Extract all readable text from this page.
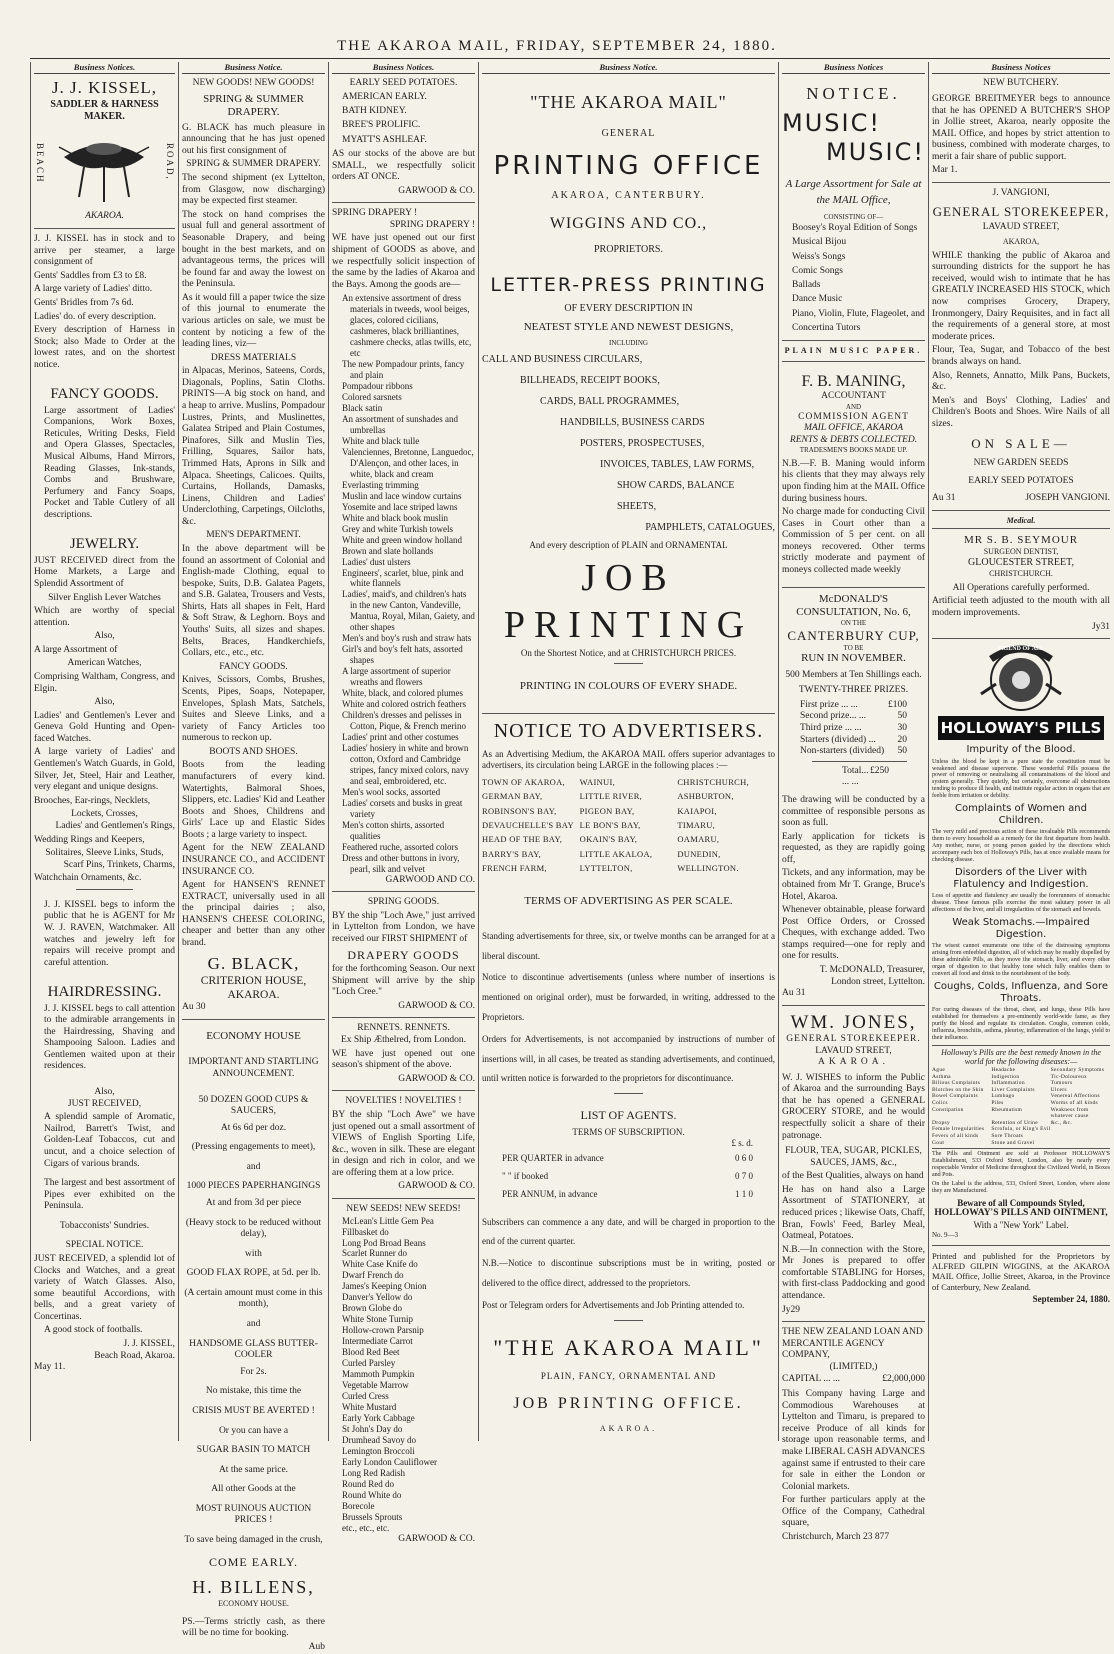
THE AKAROA MAIL, FRIDAY, SEPTEMBER 24, 1880.
Business Notices.
J. J. KISSEL,
SADDLER & HARNESS MAKER.
BEACH	ROAD,
AKAROA.
J. J. KISSEL has in stock and to arrive per steamer, a large consignment of
Gents' Saddles from £3 to £8.
A large variety of Ladies' ditto.
Gents' Bridles from 7s 6d.
Ladies' do. of every description.
Every description of Harness in Stock; also Made to Order at the lowest rates, and on the shortest notice.
FANCY GOODS.
Large assortment of Ladies' Companions, Work Boxes, Reticules, Writing Desks, Field and Opera Glasses, Spectacles, Musical Albums, Hand Mirrors, Reading Glasses, Ink-stands, Combs and Brushware, Perfumery and Fancy Soaps, Pocket and Table Cutlery of all descriptions.
JEWELRY.
JUST RECEIVED direct from the Home Markets, a Large and Splendid Assortment of
Silver English Lever Watches
Which are worthy of special attention.
Also,
A large Assortment of
American Watches,
Comprising Waltham, Congress, and Elgin.
Also,
Ladies' and Gentlemen's Lever and Geneva Gold Hunting and Open-faced Watches.
A large variety of Ladies' and Gentlemen's Watch Guards, in Gold, Silver, Jet, Steel, Hair and Leather, very elegant and unique designs.
Brooches, Ear-rings, Necklets,
Lockets, Crosses,
Ladies' and Gentlemen's Rings,
Wedding Rings and Keepers,
Solitaires, Sleeve Links, Studs,
Scarf Pins, Trinkets, Charms,
Watchchain Ornaments, &c.
J. J. KISSEL begs to inform the public that he is AGENT for Mr W. J. RAVEN, Watchmaker. All watches and jewelry left for repairs will receive prompt and careful attention.
HAIRDRESSING.
J. J. KISSEL begs to call attention to the admirable arrangements in the Hairdressing, Shaving and Shampooing Saloon. Ladies and Gentlemen waited upon at their residences.
Also,
JUST RECEIVED,
A splendid sample of Aromatic, Nailrod, Barrett's Twist, and Golden-Leaf Tobaccos, cut and uncut, and a choice selection of Cigars of various brands.
The largest and best assortment of Pipes ever exhibited on the Peninsula.
Tobacconists' Sundries.
SPECIAL NOTICE.
JUST RECEIVED, a splendid lot of Clocks and Watches, and a great variety of Watch Glasses. Also, some beautiful Accordions, with bells, and a great variety of Concertinas.
A good stock of footballs.
J. J. KISSEL,
Beach Road, Akaroa.
May 11.
Business Notice.
NEW GOODS! NEW GOODS!
SPRING & SUMMER DRAPERY.
G. BLACK has much pleasure in announcing that he has just opened out his first consignment of
SPRING & SUMMER DRAPERY.
The second shipment (ex Lyttelton, from Glasgow, now discharging) may be expected first steamer.
The stock on hand comprises the usual full and general assortment of Seasonable Drapery, and being bought in the best markets, and on advantageous terms, the prices will be found far and away the lowest on the Peninsula.
As it would fill a paper twice the size of this journal to enumerate the various articles on sale, we must be content by noticing a few of the leading lines, viz—
DRESS MATERIALS
in Alpacas, Merinos, Sateens, Cords, Diagonals, Poplins, Satin Cloths. PRINTS—A big stock on hand, and a heap to arrive. Muslins, Pompadour Lustres, Prints, and Muslinettes, Galatea Striped and Plain Costumes, Pinafores, Silk and Muslin Ties, Frilling, Squares, Sailor hats, Trimmed Hats, Aprons in Silk and Alpaca. Sheetings, Calicoes. Quilts, Curtains, Hollands, Damasks, Linens, Children and Ladies' Underclothing, Carpetings, Oilcloths, &c.
MEN'S DEPARTMENT.
In the above department will be found an assortment of Colonial and English-made Clothing, equal to bespoke, Suits, D.B. Galatea Pagets, and S.B. Galatea, Trousers and Vests, Shirts, Hats all shapes in Felt, Hard & Soft Straw, & Leghorn. Boys and Youths' Suits, all sizes and shapes. Belts, Braces, Handkerchiefs, Collars, etc., etc., etc.
FANCY GOODS.
Knives, Scissors, Combs, Brushes, Scents, Pipes, Soaps, Notepaper, Envelopes, Splash Mats, Satchels, Suites and Sleeve Links, and a variety of Fancy Articles too numerous to reckon up.
BOOTS AND SHOES.
Boots from the leading manufacturers of every kind. Watertights, Balmoral Shoes, Slippers, etc. Ladies' Kid and Leather Boots and Shoes, Childrens and Girls' Lace up and Elastic Sides Boots ; a large variety to inspect.
Agent for the NEW ZEALAND INSURANCE CO., and ACCIDENT INSURANCE CO.
Agent for HANSEN'S RENNET EXTRACT, universally used in all the principal dairies ; also, HANSEN'S CHEESE COLORING, cheaper and better than any other brand.
G. BLACK,
CRITERION HOUSE, AKAROA.
Au 30
ECONOMY HOUSE
IMPORTANT AND STARTLING
ANNOUNCEMENT.
50 DOZEN GOOD CUPS & SAUCERS,
At 6s 6d per doz.
(Pressing engagements to meet),
and
1000 PIECES PAPERHANGINGS
At and from 3d per piece
(Heavy stock to be reduced without delay),
with
GOOD FLAX ROPE, at 5d. per lb.
(A certain amount must come in this month),
and
HANDSOME GLASS BUTTER-COOLER
For 2s.
No mistake, this time the
CRISIS MUST BE AVERTED !
Or you can have a
SUGAR BASIN TO MATCH
At the same price.
All other Goods at the
MOST RUINOUS AUCTION PRICES !
To save being damaged in the crush,
COME EARLY.
H. BILLENS,
ECONOMY HOUSE.
PS.—Terms strictly cash, as there will be no time for booking.
Aub
Business Notices.
EARLY SEED POTATOES.
AMERICAN EARLY.
BATH KIDNEY.
BREE'S PROLIFIC.
MYATT'S ASHLEAF.
AS our stocks of the above are but SMALL, we respectfully solicit orders AT ONCE.
GARWOOD & CO.
SPRING DRAPERY !
SPRING DRAPERY !
WE have just opened out our first shipment of GOODS as above, and we respectfully solicit inspection of the same by the ladies of Akaroa and the Bays. Among the goods are—
An extensive assortment of dress materials in tweeds, wool beiges, glaces, colored cicilians, cashmeres, black brilliantines, cashmere checks, atlas twills, etc, etc
The new Pompadour prints, fancy and plain
Pompadour ribbons
Colored sarsnets
Black satin
An assortment of sunshades and umbrellas
White and black tulle
Valenciennes, Bretonne, Languedoc, D'Alençon, and other laces, in white, black and cream
Everlasting trimming
Muslin and lace window curtains
Yosemite and lace striped lawns
White and black book muslin
Grey and white Turkish towels
White and green window holland
Brown and slate hollands
Ladies' dust ulsters
Engineers', scarlet, blue, pink and white flannels
Ladies', maid's, and children's hats in the new Canton, Vandeville, Mantua, Royal, Milan, Gaiety, and other shapes
Men's and boy's rush and straw hats
Girl's and boy's felt hats, assorted shapes
A large assortment of superior wreaths and flowers
White, black, and colored plumes
White and colored ostrich feathers
Children's dresses and pelisses in Cotton, Pique, & French merino
Ladies' print and other costumes
Ladies' hosiery in white and brown cotton, Oxford and Cambridge stripes, fancy mixed colors, navy and seal, embroidered, etc.
Men's wool socks, assorted
Ladies' corsets and busks in great variety
Men's cotton shirts, assorted qualities
Feathered ruche, assorted colors
Dress and other buttons in ivory, pearl, silk and velvet
GARWOOD AND CO.
SPRING GOODS.
BY the ship "Loch Awe," just arrived in Lyttelton from London, we have received our FIRST SHIPMENT of
DRAPERY GOODS
for the forthcoming Season. Our next Shipment will arrive by the ship "Loch Cree."
GARWOOD & CO.
RENNETS. RENNETS.
Ex Ship Æthelred, from London.
WE have just opened out one season's shipment of the above.
GARWOOD & CO.
NOVELTIES ! NOVELTIES !
BY the ship "Loch Awe" we have just opened out a small assortment of VIEWS of English Sporting Life, &c., woven in silk. These are elegant in design and rich in color, and we are offering them at a low price.
GARWOOD & CO.
NEW SEEDS! NEW SEEDS!
McLean's Little Gem Pea
Fillbasket do
Long Pod Broad Beans
Scarlet Runner do
White Case Knife do
Dwarf French do
James's Keeping Onion
Danver's Yellow do
Brown Globe do
White Stone Turnip
Hollow-crown Parsnip
Intermediate Carrot
Blood Red Beet
Curled Parsley
Mammoth Pumpkin
Vegetable Marrow
Curled Cress
White Mustard
Early York Cabbage
St John's Day do
Drumhead Savoy do
Lemington Broccoli
Early London Cauliflower
Long Red Radish
Round Red do
Round White do
Borecole
Brussels Sprouts
etc., etc., etc.
GARWOOD & CO.
Business Notice.
"THE AKAROA MAIL"
GENERAL
PRINTING OFFICE
AKAROA, CANTERBURY.
WIGGINS AND CO.,
PROPRIETORS.
LETTER-PRESS PRINTING
OF EVERY DESCRIPTION IN
NEATEST STYLE AND NEWEST DESIGNS,
INCLUDING
CALL AND BUSINESS CIRCULARS,
BILLHEADS, RECEIPT BOOKS,
CARDS, BALL PROGRAMMES,
HANDBILLS, BUSINESS CARDS
POSTERS, PROSPECTUSES,
INVOICES, TABLES, LAW FORMS,
SHOW CARDS, BALANCE SHEETS,
PAMPHLETS, CATALOGUES,
And every description of PLAIN and ORNAMENTAL
JOB PRINTING
On the Shortest Notice, and at CHRISTCHURCH PRICES.
PRINTING IN COLOURS OF EVERY SHADE.
NOTICE TO ADVERTISERS.
As an Advertising Medium, the AKAROA MAIL offers superior advantages to advertisers, its circulation being LARGE in the following places :—
TOWN OF AKAROA,	WAINUI,	CHRISTCHURCH,
GERMAN BAY,	LITTLE RIVER,	ASHBURTON,
ROBINSON'S BAY,	PIGEON BAY,	KAIAPOI,
DEVAUCHELLE'S BAY LE BON'S BAY,	TIMARU,
HEAD OF THE BAY,	OKAIN'S BAY,	OAMARU,
BARRY'S BAY,	LITTLE AKALOA,	DUNEDIN,
FRENCH FARM,	LYTTELTON,	WELLINGTON.
TERMS OF ADVERTISING AS PER SCALE.
Standing advertisements for three, six, or twelve months can be arranged for at a liberal discount.
Notice to discontinue advertisements (unless where number of insertions is mentioned on original order), must be forwarded, in writing, addressed to the Proprietors.
Orders for Advertisements, is not accompanied by instructions of number of insertions will, in all cases, be treated as standing advertisements, and continued, until written notice is forwarded to the proprietors for discontinuance.
LIST OF AGENTS.
TERMS OF SUBSCRIPTION.
£ s. d.
PER QUARTER in advance	0 6 0
" " if booked	0 7 0
PER ANNUM, in advance	1 1 0
Subscribers can commence a any date, and will be charged in proportion to the end of the current quarter.
N.B.—Notice to discontinue subscriptions must be in writing, posted or delivered to the office direct, addressed to the proprietors.
Post or Telegram orders for Advertisements and Job Printing attended to.
"THE AKAROA MAIL"
PLAIN, FANCY, ORNAMENTAL AND
JOB PRINTING OFFICE.
AKAROA.
Business Notices
NOTICE.
MUSIC!
MUSIC!
A Large Assortment for Sale at the MAIL Office,
CONSISTING OF—
Boosey's Royal Edition of Songs
Musical Bijou
Weiss's Songs
Comic Songs
Ballads
Dance Music
Piano, Violin, Flute, Flageolet, and Concertina Tutors
PLAIN MUSIC PAPER.
F. B. MANING,
ACCOUNTANT
AND
COMMISSION AGENT
MAIL OFFICE, AKAROA
RENTS & DEBTS COLLECTED.
TRADESMEN'S BOOKS MADE UP.
N.B.—F. B. Maning would inform his clients that they may always rely upon finding him at the MAIL Office during business hours.
No charge made for conducting Civil Cases in Court other than a Commission of 5 per cent. on all moneys recovered. Other terms strictly moderate and payment of moneys collected made weekly
McDONALD'S CONSULTATION, No. 6,
ON THE
CANTERBURY CUP,
TO BE
RUN IN NOVEMBER.
500 Members at Ten Shillings each.
TWENTY-THREE PRIZES.
First prize ... ...	£100
Second prize... ...	50
Third prize ... ...	30
Starters (divided) ... 20
Non-starters (divided) 50
Total... ... ...
£250
The drawing will be conducted by a committee of responsible persons as soon as full.
Early application for tickets is requested, as they are rapidly going off,
Tickets, and any information, may be obtained from Mr T. Grange, Bruce's Hotel, Akaroa.
Whenever obtainable, please forward Post Office Orders, or Crossed Cheques, with exchange added. Two stamps required—one for reply and one for results.
T. McDONALD, Treasurer,
London street, Lyttelton.
Au 31
WM. JONES,
GENERAL STOREKEEPER.
LAVAUD STREET,
AKAROA.
W. J. WISHES to inform the Public of Akaroa and the surrounding Bays that he has opened a GENERAL GROCERY STORE, and he would respectfully solicit a share of their patronage.
FLOUR, TEA, SUGAR, PICKLES, SAUCES, JAMS, &c.,
of the Best Qualities, always on hand
He has on hand also a Large Assortment of STATIONERY, at reduced prices ; likewise Oats, Chaff, Bran, Fowls' Feed, Barley Meal, Oatmeal, Potatoes.
N.B.—In connection with the Store, Mr Jones is prepared to offer comfortable STABLING for Horses, with first-class Paddocking and good attendance.
Jy29
THE NEW ZEALAND LOAN AND MERCANTILE AGENCY COMPANY,
(LIMITED,)
CAPITAL ... ...	£2,000,000
This Company having Large and Commodious Warehouses at Lyttelton and Timaru, is prepared to receive Produce of all kinds for storage upon reasonable terms, and make LIBERAL CASH ADVANCES against same if entrusted to their care for sale in either the London or Colonial markets.
For further particulars apply at the Office of the Company, Cathedral square,
Christchurch, March 23 877
Business Notices
NEW BUTCHERY.
GEORGE BREITMEYER begs to announce that he has OPENED A BUTCHER'S SHOP in Jollie street, Akaroa, nearly opposite the MAIL Office, and hopes by strict attention to business, combined with moderate charges, to merit a fair share of public support.
Mar 1.
J. VANGIONI,
GENERAL STOREKEEPER,
LAVAUD STREET,
AKAROA,
WHILE thanking the public of Akaroa and surrounding districts for the support he has received, would wish to intimate that he has GREATLY INCREASED HIS STOCK, which now comprises Grocery, Drapery, Ironmongery, Dairy Requisites, and in fact all the requirements of a general store, at most moderate prices.
Flour, Tea, Sugar, and Tobacco of the best brands always on hand.
Also, Rennets, Annatto, Milk Pans, Buckets, &c.
Men's and Boys' Clothing, Ladies' and Children's Boots and Shoes. Wire Nails of all sizes.
ON SALE—
NEW GARDEN SEEDS
EARLY SEED POTATOES
Au 31	JOSEPH VANGIONI.
Medical.
MR S. B. SEYMOUR
SURGEON DENTIST,
GLOUCESTER STREET,
CHRISTCHURCH.
All Operations carefully performed.
Artificial teeth adjusted to the mouth with all modern improvements.
Jy31
FRIEND OF ALL
HOLLOWAY'S PILLS
Impurity of the Blood.
Unless the blood be kept in a pure state the constitution must be weakened and disease supervene. These wonderful Pills possess the power of removing or neutralising all contaminations of the blood and system generally. They quietly, but certainly, overcome all obstructions tending to produce ill health, and institute regular action in organs that are feeble from irritation or debility.
Complaints of Women and Children.
The very mild and precious action of these invaluable Pills recommends them to every household as a remedy for the first departure from health. Any mother, nurse, or young person guided by the directions which accompany each box of Holloway's Pills, has at once available means for checking disease.
Disorders of the Liver with Flatulency and Indigestion.
Loss of appetite and flatulency are usually the forerunners of stomachic disease. These famous pills exercise the most salutary power in all affections of the liver, and all irregularities of the stomach and bowels.
Weak Stomachs.—Impaired Digestion.
The wisest cannot enumerate one tithe of the distressing symptoms arising from enfeebled digestion, all of which may be readily dispelled by these admirable Pills, as they move the stomach, liver, and every other organ of digestion to that healthy tone which fully enables them to convert all food and drink to the nourishment of the body.
Coughs, Colds, Influenza, and Sore Throats.
For curing diseases of the throat, chest, and lungs, these Pills have established for themselves a pre-eminently world-wide fame, as they purify the blood and regulate its circulation. Coughs, common colds, influenza, bronchitis, asthma, pleurisy, inflammation of the lungs, yield to their influence.
Holloway's Pills are the best remedy known in the world for the following diseases:—
Ague	Headache	Secondary Symptoms
Asthma	Indigestion	Tic-Doloureux
Bilious Complaints	Inflammation	Tumours
Blotches on the Skin	Liver Complaints	Ulcers
Bowel Complaints	Lumbago	Venereal Affections
Colics	Piles	Worms of all kinds
Constipation	Rheumatism	Weakness from whatever cause
Dropsy	Retention of Urine	&c., &c.
Female Irregularities	Scrofula, or King's Evil
Fevers of all kinds	Sore Throats
Gout	Stone and Gravel
The Pills and Ointment are sold at Professor HOLLOWAY'S Establishment, 533 Oxford Street, London, also by nearly every respectable Vendor of Medicine throughout the Civilized World, in Boxes and Pots.
On the Label is the address, 533, Oxford Street, London, where alone they are Manufactured.
Beware of all Compounds Styled,
HOLLOWAY'S PILLS AND OINTMENT,
With a "New York" Label.
No. 9—3
Printed and published for the Proprietors by ALFRED GILPIN WIGGINS, at the AKAROA MAIL Office, Jollie Street, Akaroa, in the Province of Canterbury, New Zealand.
September 24, 1880.
